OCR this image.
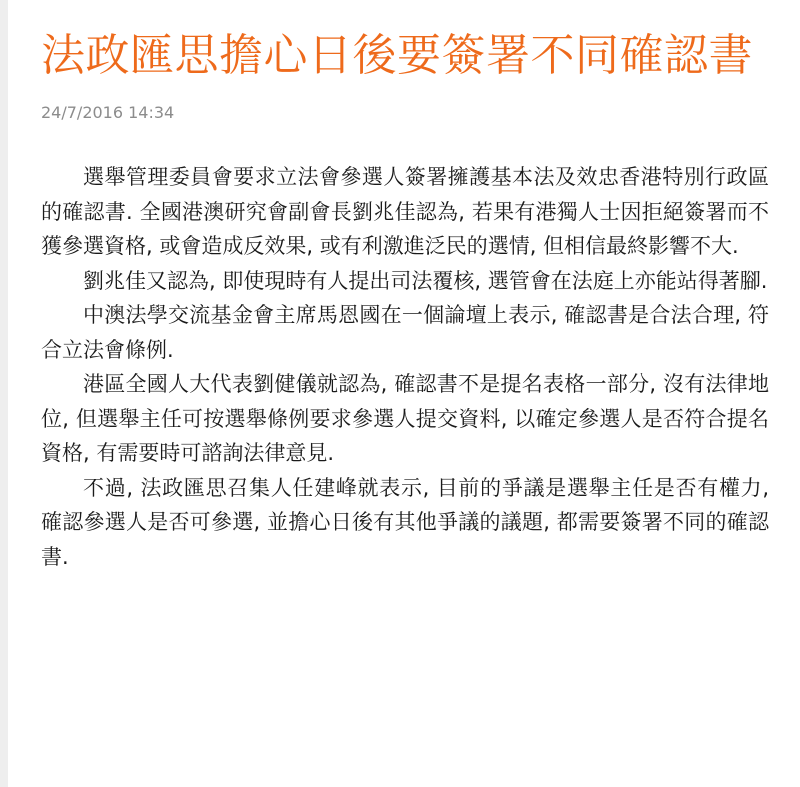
法政匯思擔心日後要簽署不同確認書
24/7/2016 14:34

選舉管理委員會要求立法會參選人簽署擁護基本法及效忠香港特別行政區的確認書. 全國港澳研究會副會長劉兆佳認為, 若果有港獨人士因拒絕簽署而不獲參選資格, 或會造成反效果, 或有利激進泛民的選情, 但相信最終影響不大.

劉兆佳又認為, 即使現時有人提出司法覆核, 選管會在法庭上亦能站得著腳.

中澳法學交流基金會主席馬恩國在一個論壇上表示, 確認書是合法合理, 符合立法會條例.

港區全國人大代表劉健儀就認為, 確認書不是提名表格一部分, 沒有法律地位, 但選舉主任可按選舉條例要求參選人提交資料, 以確定參選人是否符合提名資格, 有需要時可諮詢法律意見.

不過, 法政匯思召集人任建峰就表示, 目前的爭議是選舉主任是否有權力, 確認參選人是否可參選, 並擔心日後有其他爭議的議題, 都需要簽署不同的確認書.
